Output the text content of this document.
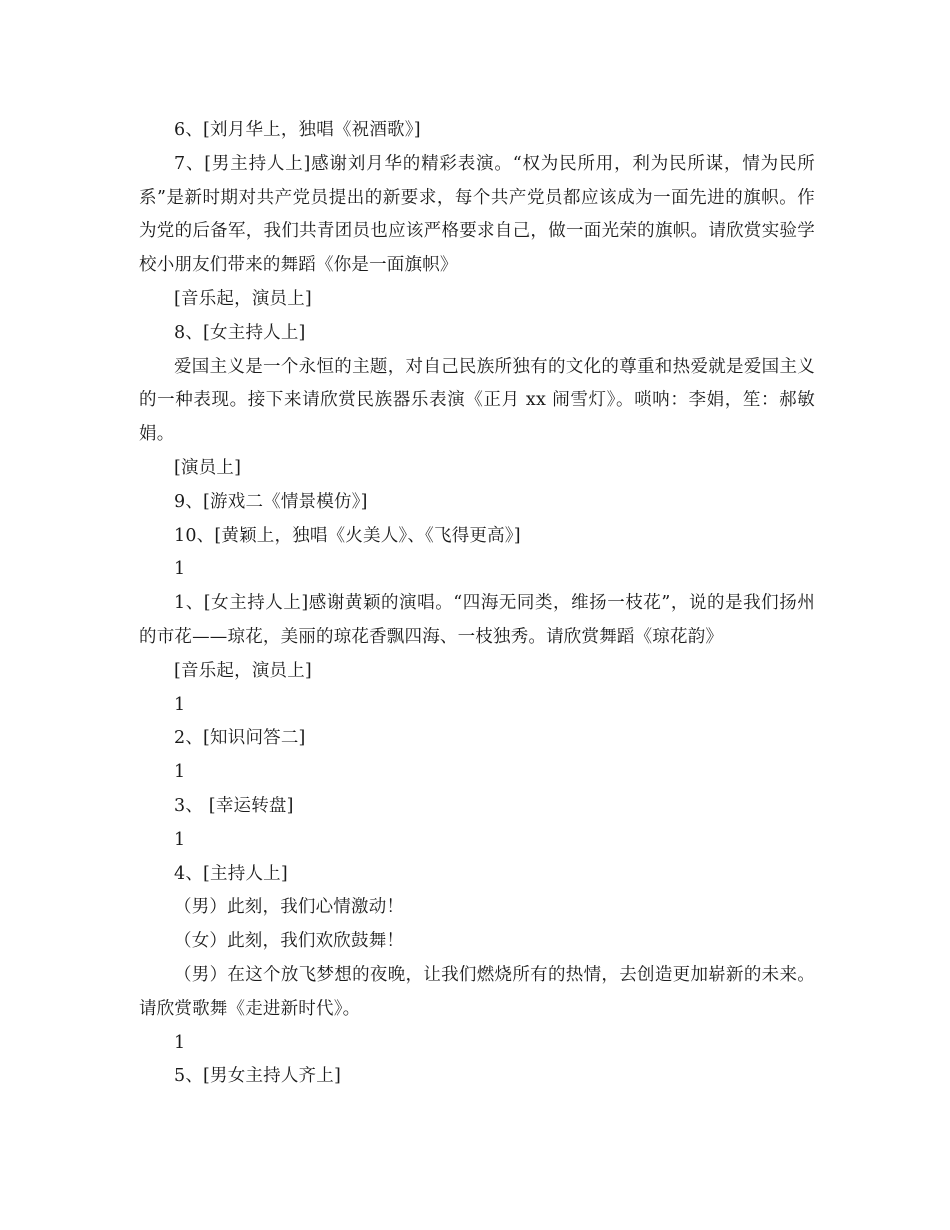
6、[刘月华上，独唱《祝酒歌》]

7、[男主持人上]感谢刘月华的精彩表演。“权为民所用，利为民所谋，情为民所系”是新时期对共产党员提出的新要求，每个共产党员都应该成为一面先进的旗帜。作为党的后备军，我们共青团员也应该严格要求自己，做一面光荣的旗帜。请欣赏实验学校小朋友们带来的舞蹈《你是一面旗帜》

[音乐起，演员上]

8、[女主持人上]

爱国主义是一个永恒的主题，对自己民族所独有的文化的尊重和热爱就是爱国主义的一种表现。接下来请欣赏民族器乐表演《正月 xx 闹雪灯》。唢呐：李娟，笙：郝敏娟。

[演员上]

9、[游戏二《情景模仿》]

10、[黄颖上，独唱《火美人》、《飞得更高》]

1

1、[女主持人上]感谢黄颖的演唱。“四海无同类，维扬一枝花”，说的是我们扬州的市花——琼花，美丽的琼花香飘四海、一枝独秀。请欣赏舞蹈《琼花韵》

[音乐起，演员上]

1

2、[知识问答二]

1

3、 [幸运转盘]

1

4、[主持人上]

（男）此刻，我们心情激动！

（女）此刻，我们欢欣鼓舞！

（男）在这个放飞梦想的夜晚，让我们燃烧所有的热情，去创造更加崭新的未来。请欣赏歌舞《走进新时代》。

1

5、[男女主持人齐上]
